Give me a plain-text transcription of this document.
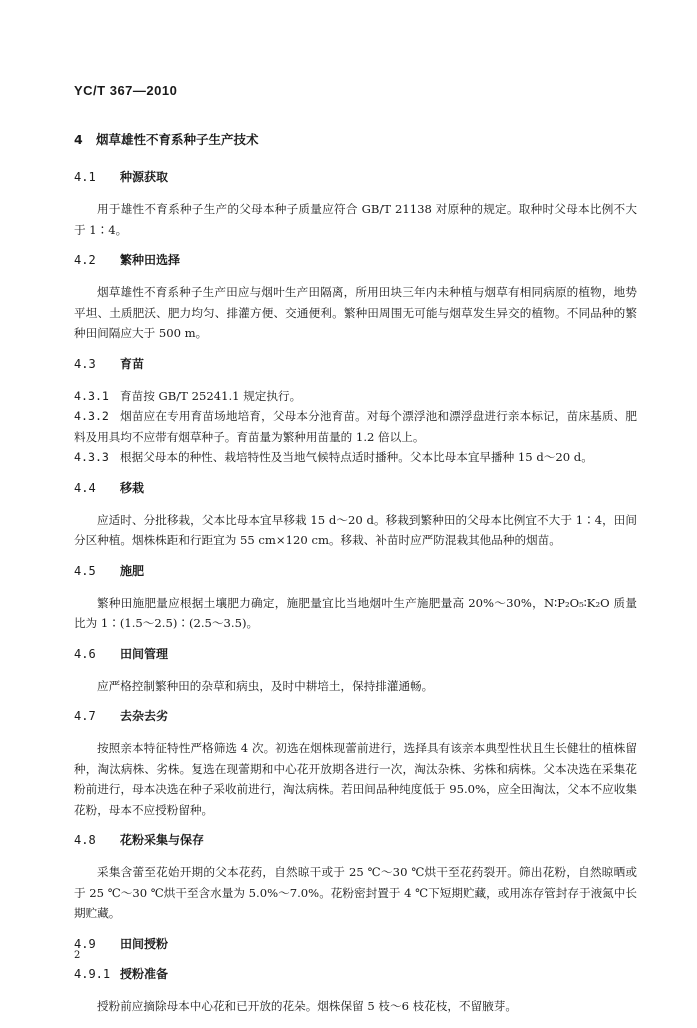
YC/T 367—2010
4 烟草雄性不育系种子生产技术
4.1 种源获取

用于雄性不育系种子生产的父母本种子质量应符合 GB/T 21138 对原种的规定。取种时父母本比例不大于 1∶4。

4.2 繁种田选择

烟草雄性不育系种子生产田应与烟叶生产田隔离，所用田块三年内未种植与烟草有相同病原的植物，地势平坦、土质肥沃、肥力均匀、排灌方便、交通便利。繁种田周围无可能与烟草发生异交的植物。不同品种的繁种田间隔应大于 500 m。

4.3 育苗

4.3.1 育苗按 GB/T 25241.1 规定执行。

4.3.2 烟苗应在专用育苗场地培育，父母本分池育苗。对每个漂浮池和漂浮盘进行亲本标记，苗床基质、肥料及用具均不应带有烟草种子。育苗量为繁种用苗量的 1.2 倍以上。

4.3.3 根据父母本的种性、栽培特性及当地气候特点适时播种。父本比母本宜早播种 15 d～20 d。

4.4 移栽

应适时、分批移栽，父本比母本宜早移栽 15 d～20 d。移栽到繁种田的父母本比例宜不大于 1∶4，田间分区种植。烟株株距和行距宜为 55 cm×120 cm。移栽、补苗时应严防混栽其他品种的烟苗。

4.5 施肥

繁种田施肥量应根据土壤肥力确定，施肥量宜比当地烟叶生产施肥量高 20%～30%，N∶P₂O₅∶K₂O 质量比为 1∶(1.5～2.5)∶(2.5～3.5)。

4.6 田间管理

应严格控制繁种田的杂草和病虫，及时中耕培土，保持排灌通畅。

4.7 去杂去劣

按照亲本特征特性严格筛选 4 次。初选在烟株现蕾前进行，选择具有该亲本典型性状且生长健壮的植株留种，淘汰病株、劣株。复选在现蕾期和中心花开放期各进行一次，淘汰杂株、劣株和病株。父本决选在采集花粉前进行，母本决选在种子采收前进行，淘汰病株。若田间品种纯度低于 95.0%，应全田淘汰，父本不应收集花粉，母本不应授粉留种。

4.8 花粉采集与保存

采集含蕾至花始开期的父本花药，自然晾干或于 25 ℃～30 ℃烘干至花药裂开。筛出花粉，自然晾晒或于 25 ℃～30 ℃烘干至含水量为 5.0%～7.0%。花粉密封置于 4 ℃下短期贮藏，或用冻存管封存于液氮中长期贮藏。

4.9 田间授粉
4.9.1 授粉准备

授粉前应摘除母本中心花和已开放的花朵。烟株保留 5 枝～6 枝花枝，不留腋芽。

2
